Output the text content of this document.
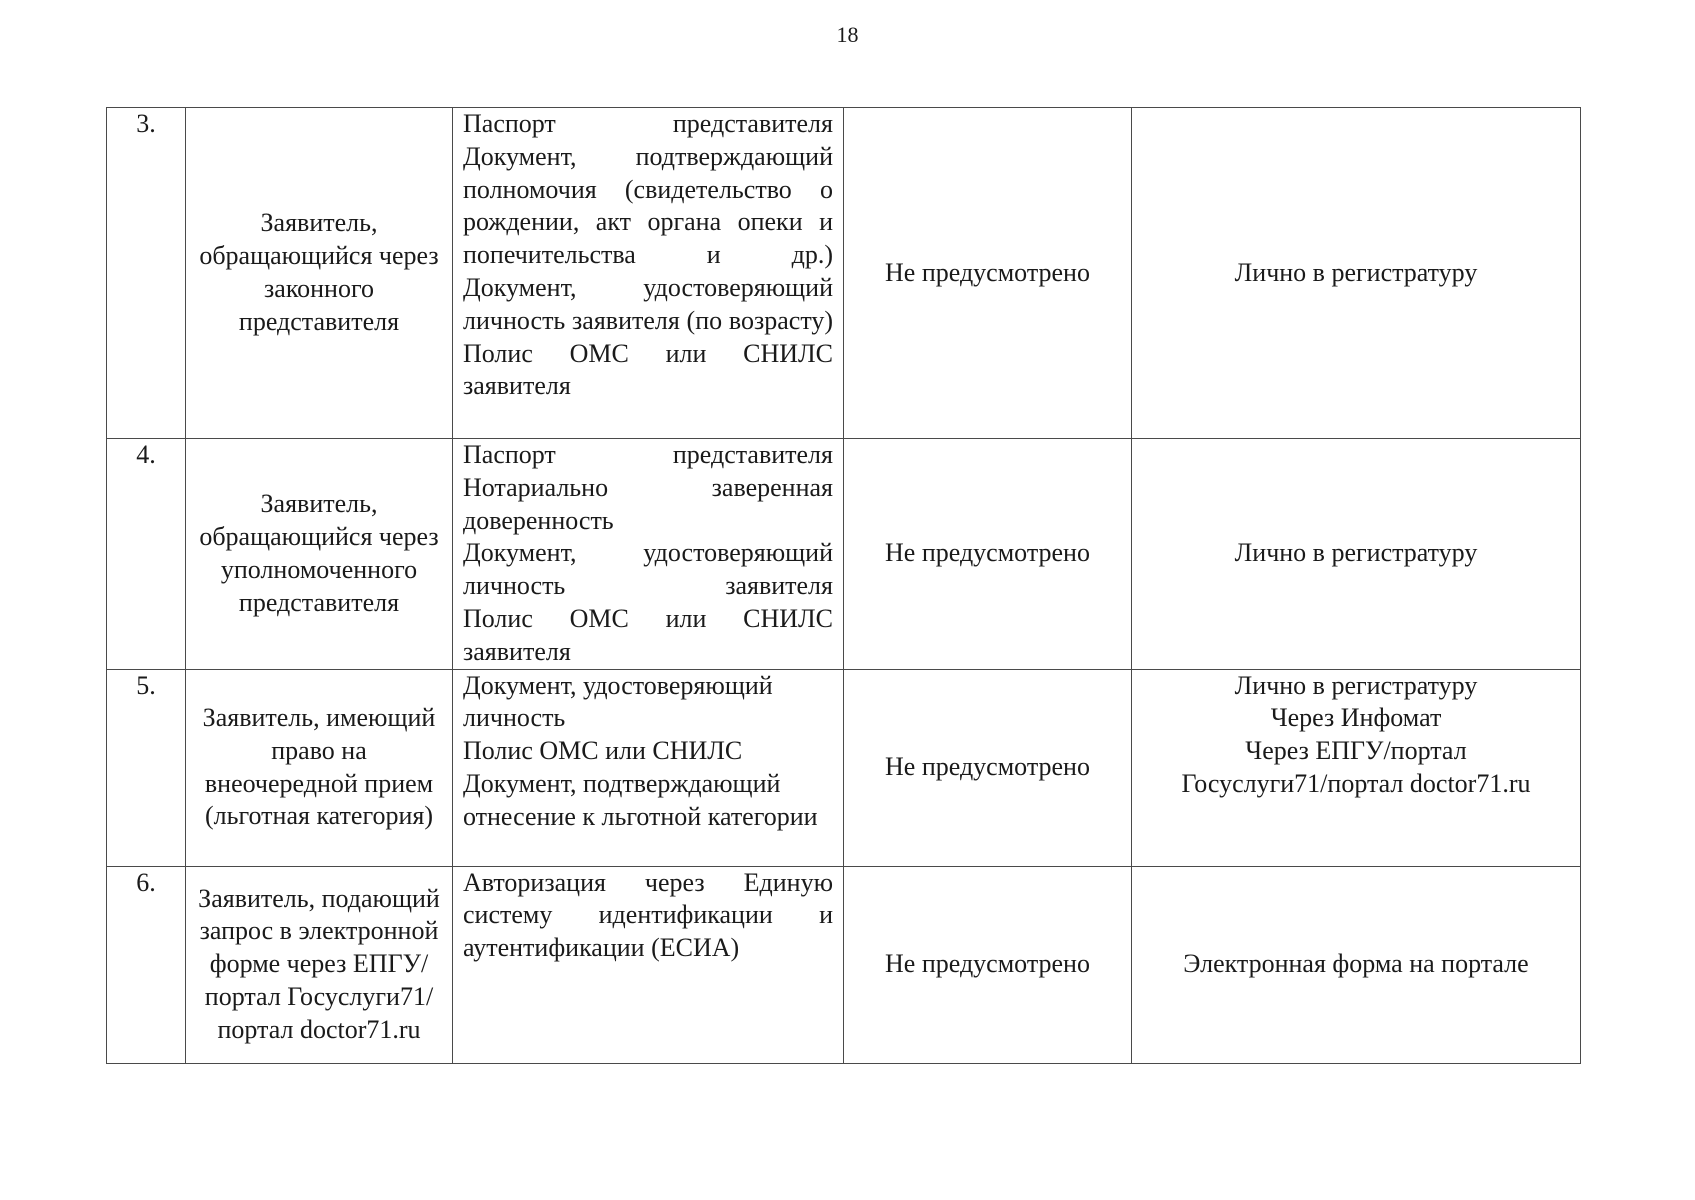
18
3.	Заявитель, обращающийся через законного представителя	Паспорт представителя
Документ, подтверждающий полномочия (свидетельство о рождении, акт органа опеки и попечительства и др.)
Документ, удостоверяющий личность заявителя (по возрасту)
Полис ОМС или СНИЛС заявителя	Не предусмотрено	Лично в регистратуру

4.	Заявитель, обращающийся через уполномоченного представителя	Паспорт представителя
Нотариально заверенная доверенность
Документ, удостоверяющий личность заявителя
Полис ОМС или СНИЛС заявителя	Не предусмотрено	Лично в регистратуру

5.	Заявитель, имеющий право на внеочередной прием (льготная категория)	Документ, удостоверяющий личность
Полис ОМС или СНИЛС
Документ, подтверждающий отнесение к льготной категории	Не предусмотрено	Лично в регистратуру
Через Инфомат
Через ЕПГУ/портал
Госуслуги71/портал doctor71.ru

6.	Заявитель, подающий запрос в электронной форме через ЕПГУ/портал Госуслуги71/портал doctor71.ru	Авторизация через Единую систему идентификации и аутентификации (ЕСИА)	Не предусмотрено	Электронная форма на портале
